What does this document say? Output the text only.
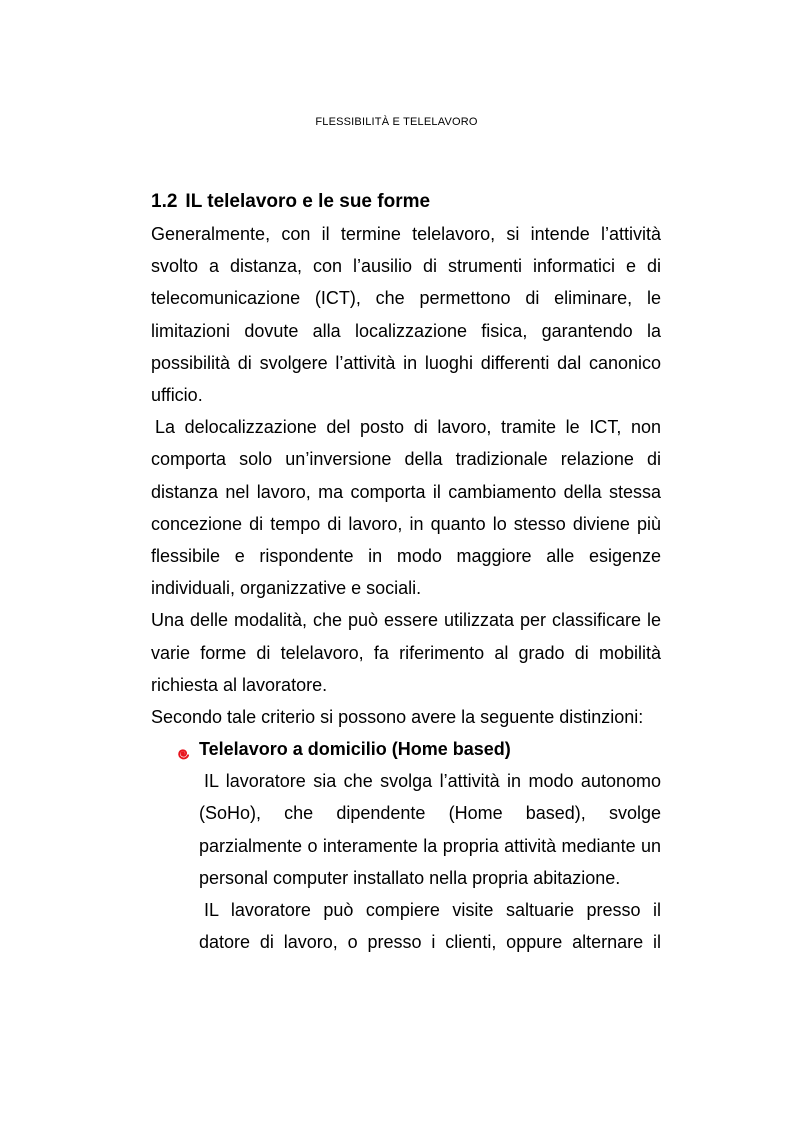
FLESSIBILITÀ E TELELAVORO
1.2 IL telelavoro e le sue forme

Generalmente, con il termine telelavoro, si intende l’attività svolto a distanza, con l’ausilio di strumenti informatici e di telecomunicazione (ICT), che permettono di eliminare, le limitazioni dovute alla localizzazione fisica, garantendo la possibilità di svolgere l’attività in luoghi differenti dal canonico ufficio.

La delocalizzazione del posto di lavoro, tramite le ICT, non comporta solo un’inversione della tradizionale relazione di distanza nel lavoro, ma comporta il cambiamento della stessa concezione di tempo di lavoro, in quanto lo stesso diviene più flessibile e rispondente in modo maggiore alle esigenze individuali, organizzative e sociali.

Una delle modalità, che può essere utilizzata per classificare le varie forme di telelavoro, fa riferimento al grado di mobilità richiesta al lavoratore.

Secondo tale criterio si possono avere la seguente distinzioni:

Telelavoro a domicilio (Home based)

IL lavoratore sia che svolga l’attività in modo autonomo (SoHo), che dipendente (Home based), svolge parzialmente o interamente la propria attività mediante un personal computer installato nella propria abitazione.

IL lavoratore può compiere visite saltuarie presso il datore di lavoro, o presso i clienti, oppure alternare il
